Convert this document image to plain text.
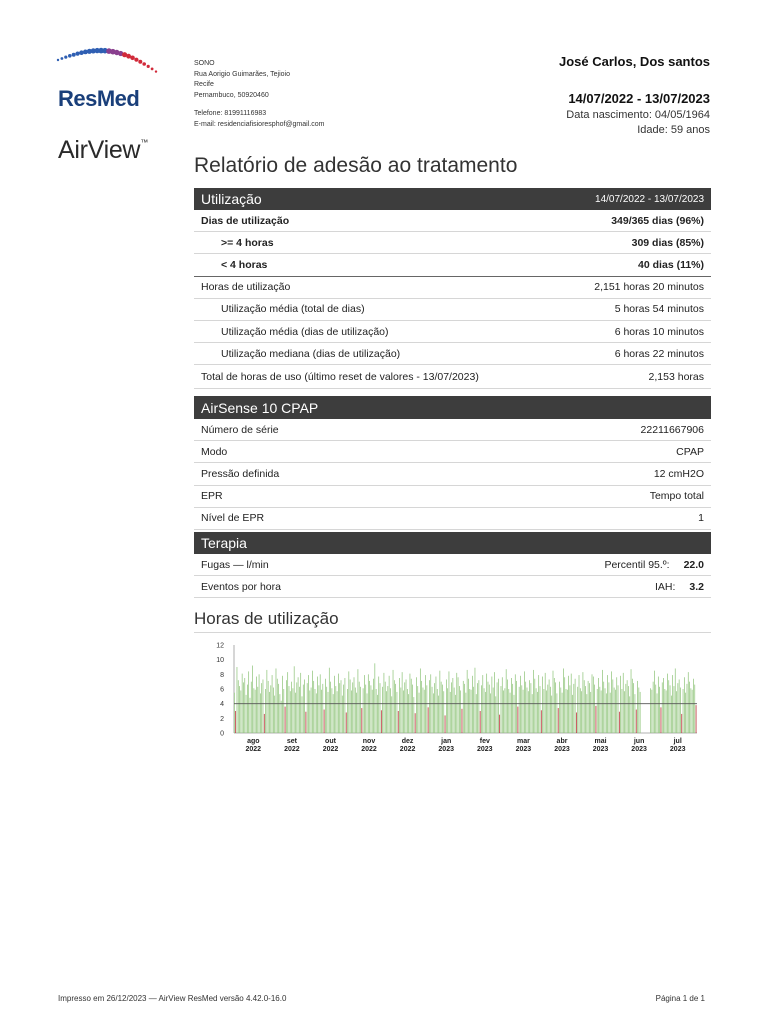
ResMed
AirView™
SONO
Rua Aorigio Guimarães, Tejioio
Recife
Pernambuco, 50920460
Telefone: 81991116983
E-mail: residenciafisioresphof@gmail.com
José Carlos, Dos santos
14/07/2022 - 13/07/2023
Data nascimento: 04/05/1964
Idade: 59 anos
Relatório de adesão ao tratamento
Utilização	14/07/2022 - 13/07/2023
Dias de utilização	349/365 dias (96%)
>= 4 horas	309 dias (85%)
< 4 horas	40 dias (11%)
Horas de utilização	2,151 horas 20 minutos
Utilização média (total de dias)	5 horas 54 minutos
Utilização média (dias de utilização)	6 horas 10 minutos
Utilização mediana (dias de utilização)	6 horas 22 minutos
Total de horas de uso (último reset de valores - 13/07/2023)	2,153 horas
AirSense 10 CPAP
Número de série	22211667906
Modo	CPAP
Pressão definida	12 cmH2O
EPR	Tempo total
Nível de EPR	1
Terapia
Fugas — l/min	Percentil 95.º: 22.0
Eventos por hora	IAH: 3.2
Horas de utilização
0
2
4
6
8
10
12
ago
2022
set
2022
out
2022
nov
2022
dez
2022
jan
2023
fev
2023
mar
2023
abr
2023
mai
2023
jun
2023
jul
2023
Impresso em 26/12/2023 — AirView ResMed versão 4.42.0-16.0	Página 1 de 1
